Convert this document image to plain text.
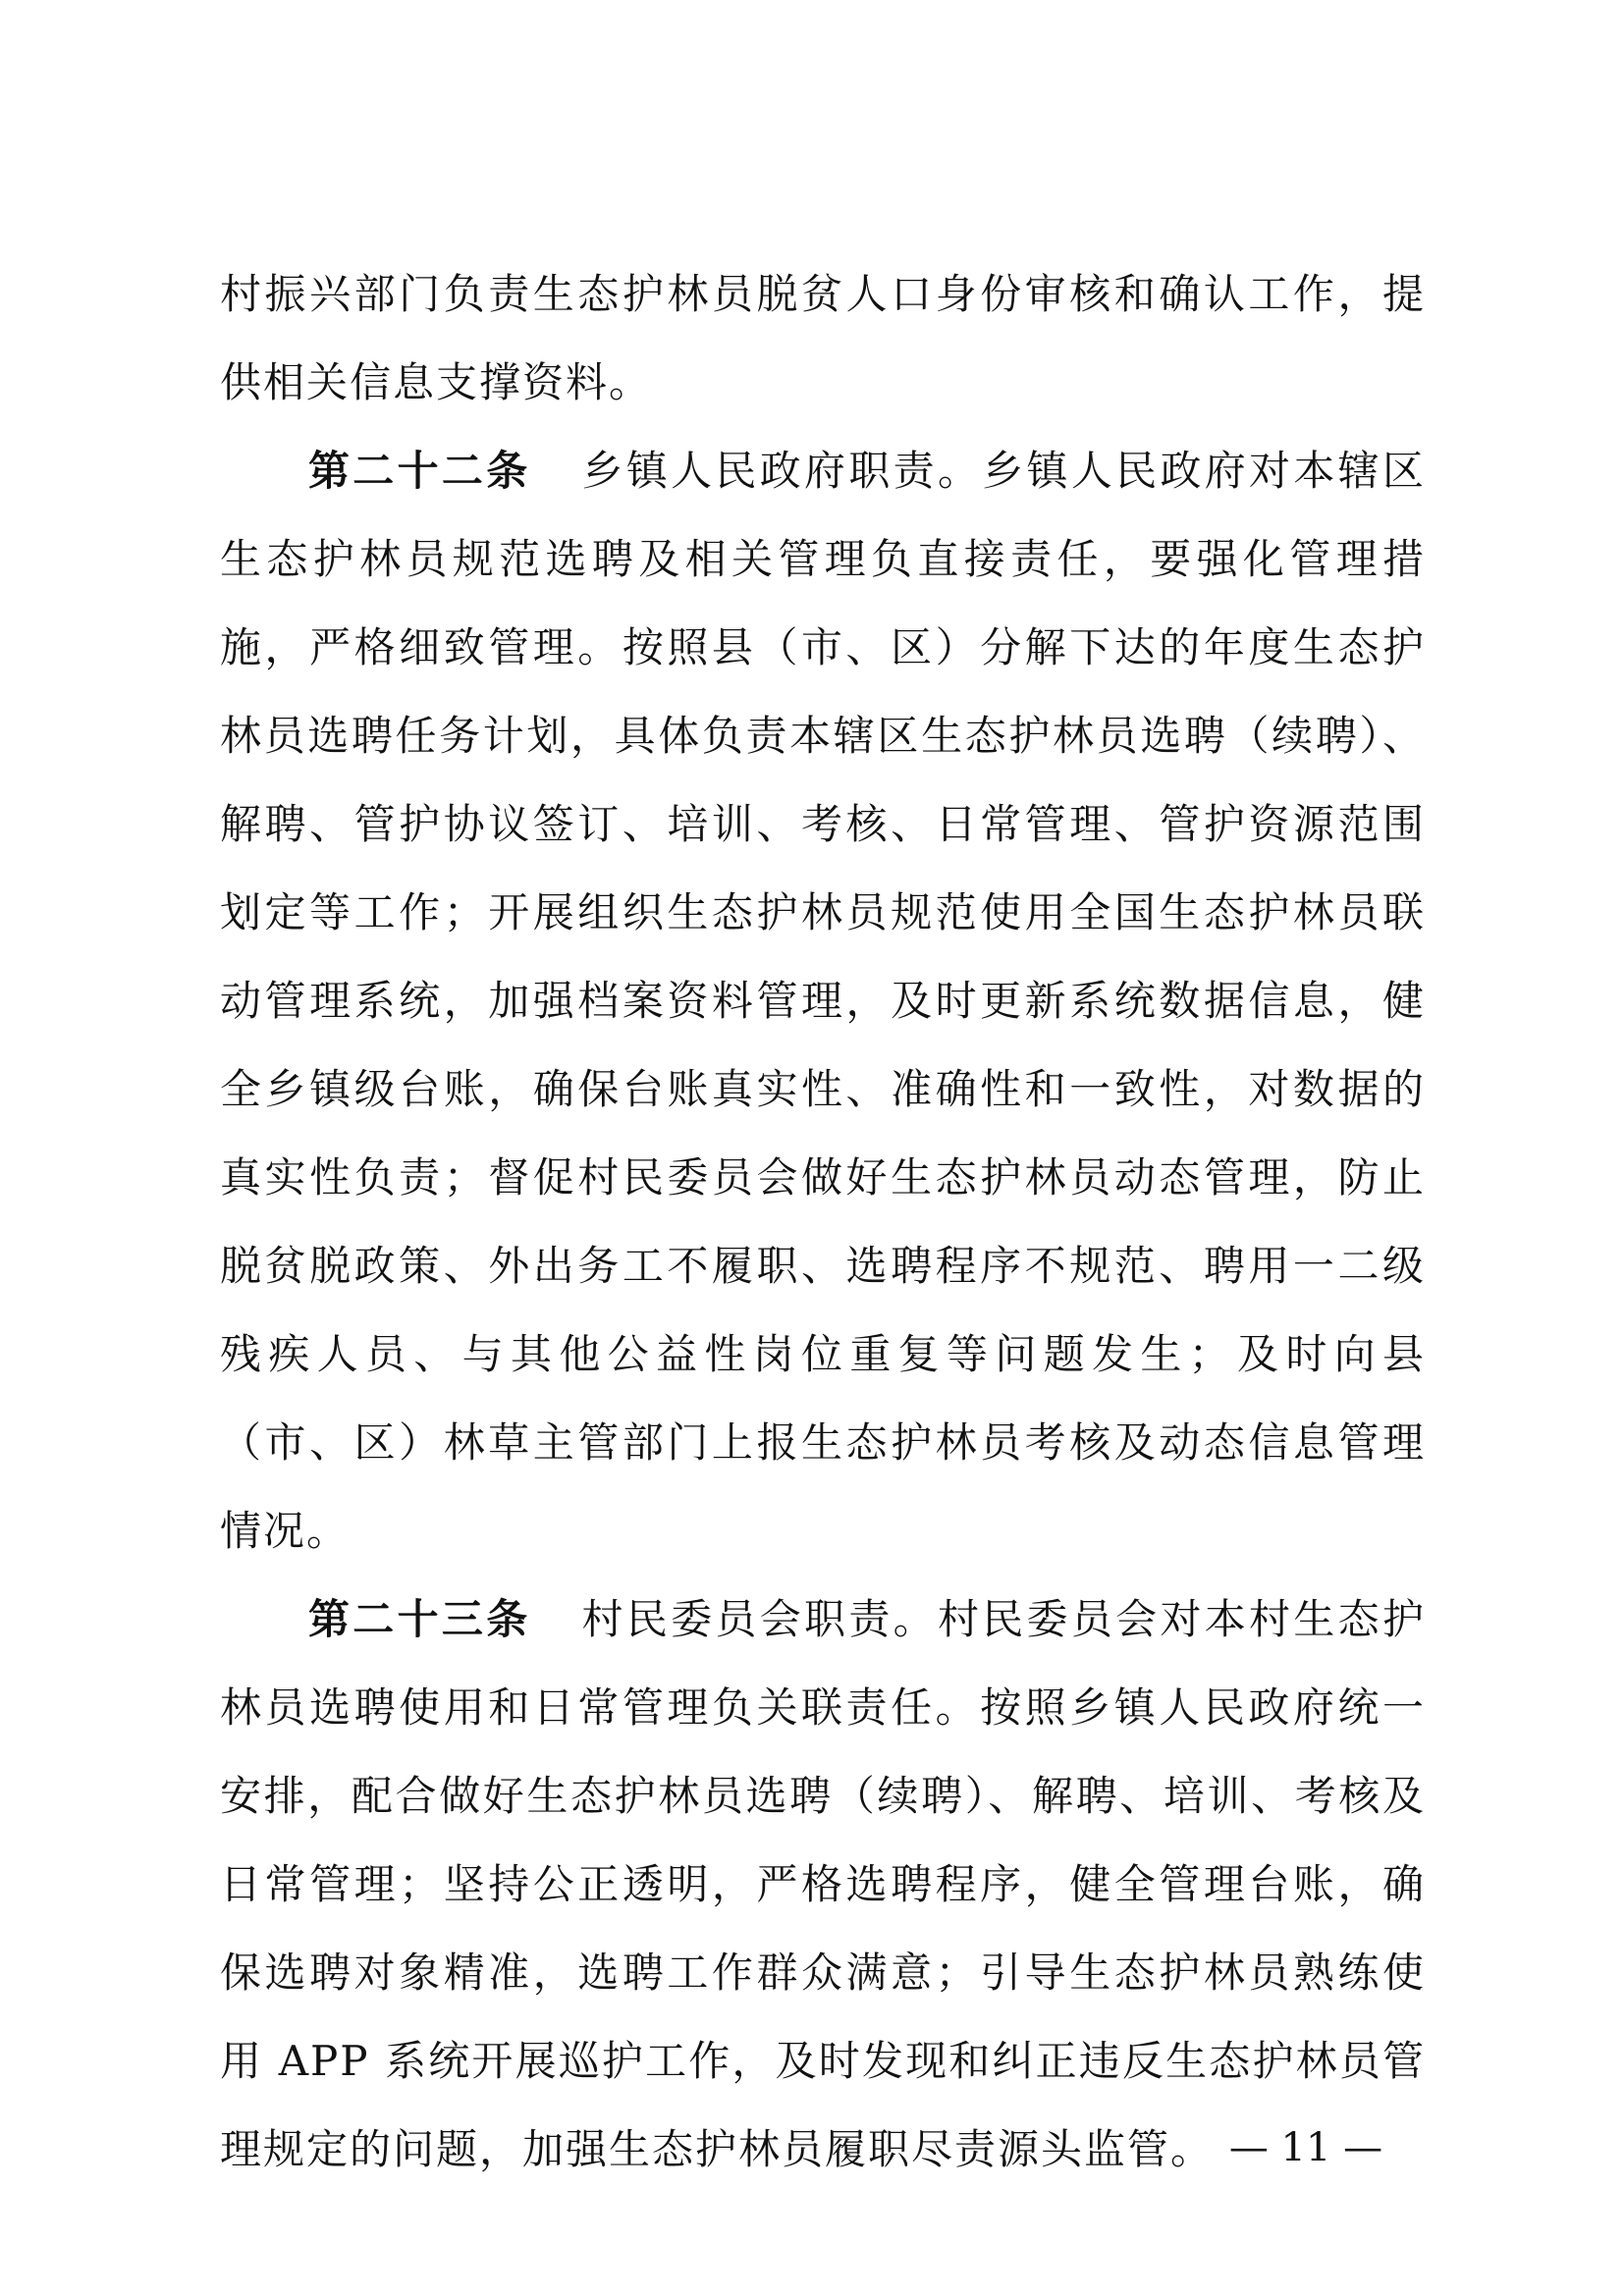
村振兴部门负责生态护林员脱贫人口身份审核和确认工作，提供相关信息支撑资料。

第二十二条 乡镇人民政府职责。乡镇人民政府对本辖区生态护林员规范选聘及相关管理负直接责任，要强化管理措施，严格细致管理。按照县（市、区）分解下达的年度生态护林员选聘任务计划，具体负责本辖区生态护林员选聘（续聘）、解聘、管护协议签订、培训、考核、日常管理、管护资源范围划定等工作；开展组织生态护林员规范使用全国生态护林员联动管理系统，加强档案资料管理，及时更新系统数据信息，健全乡镇级台账，确保台账真实性、准确性和一致性，对数据的真实性负责；督促村民委员会做好生态护林员动态管理，防止脱贫脱政策、外出务工不履职、选聘程序不规范、聘用一二级残疾人员、与其他公益性岗位重复等问题发生；及时向县（市、区）林草主管部门上报生态护林员考核及动态信息管理情况。

第二十三条 村民委员会职责。村民委员会对本村生态护林员选聘使用和日常管理负关联责任。按照乡镇人民政府统一安排，配合做好生态护林员选聘（续聘）、解聘、培训、考核及日常管理；坚持公正透明，严格选聘程序，健全管理台账，确保选聘对象精准，选聘工作群众满意；引导生态护林员熟练使用 APP 系统开展巡护工作，及时发现和纠正违反生态护林员管理规定的问题，加强生态护林员履职尽责源头监管。 — 11 —
